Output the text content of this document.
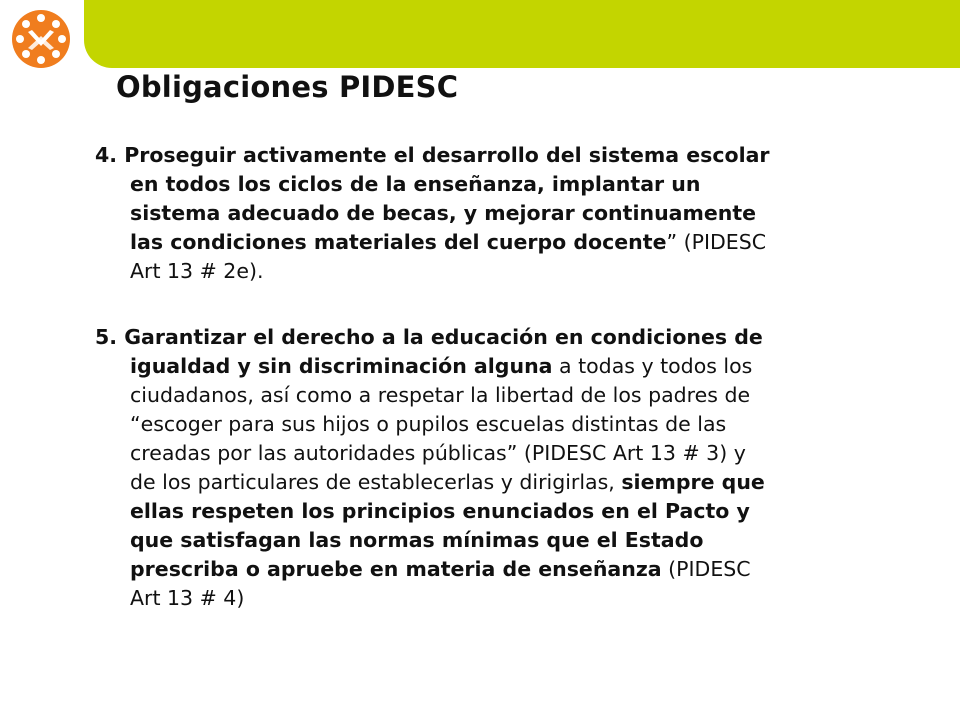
Obligaciones PIDESC
4. Proseguir activamente el desarrollo del sistema escolar
en todos los ciclos de la enseñanza, implantar un
sistema adecuado de becas, y mejorar continuamente
las condiciones materiales del cuerpo docente” (PIDESC
Art 13 # 2e).
5. Garantizar el derecho a la educación en condiciones de
igualdad y sin discriminación alguna a todas y todos los
ciudadanos, así como a respetar la libertad de los padres de
“escoger para sus hijos o pupilos escuelas distintas de las
creadas por las autoridades públicas” (PIDESC Art 13 # 3) y
de los particulares de establecerlas y dirigirlas, siempre que
ellas respeten los principios enunciados en el Pacto y
que satisfagan las normas mínimas que el Estado
prescriba o apruebe en materia de enseñanza (PIDESC
Art 13 # 4)
